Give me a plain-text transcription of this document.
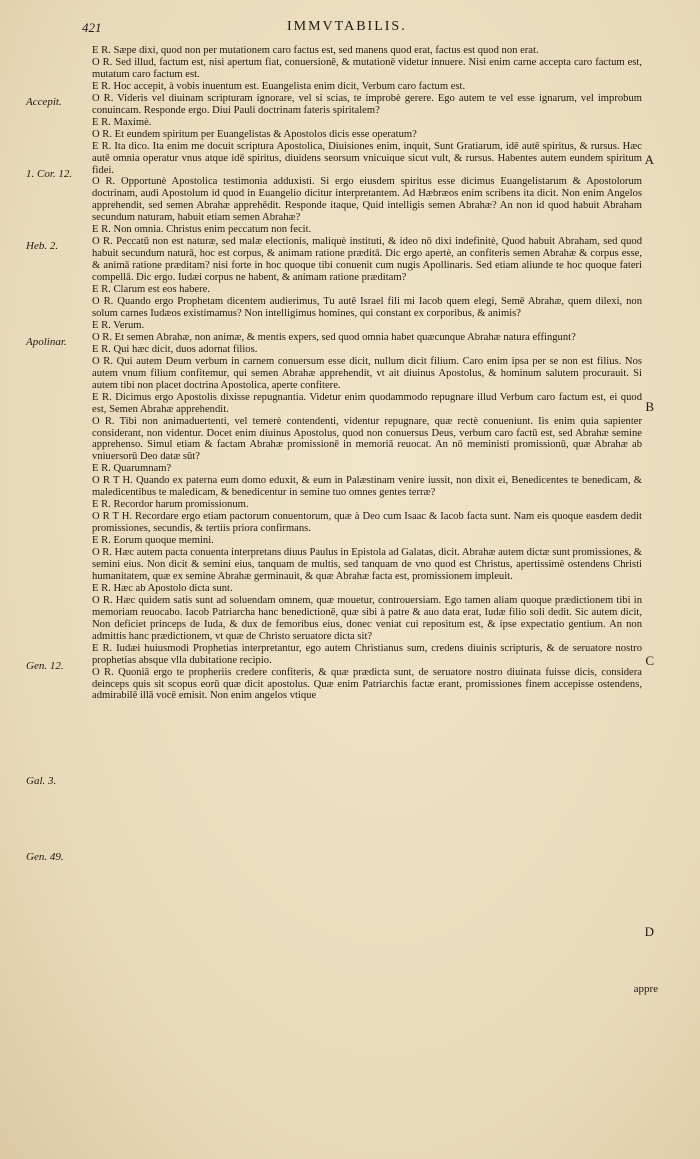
421	IMMVTABILIS.
Accepit.
1. Cor. 12.
Heb. 2.
Apolinar.
Gen. 12.
Gal. 3.
Gen. 49.
A
B
C
D

E R. Sæpe dixi, quod non per mutationem caro factus est, sed manens quod erat, factus est quod non erat.

O R. Sed illud, factum est, nisi apertum fiat, conuersionē, & mutationē videtur innuere. Nisi enim carne accepta caro factum est, mutatum caro factum est.

E R. Hoc accepit, à vobis inuentum est. Euangelista enim dicit, Verbum caro factum est.

O R. Videris vel diuinam scripturam ignorare, vel si scias, te improbè gerere. Ego autem te vel esse ignarum, vel improbum conuincam. Responde ergo. Diui Pauli doctrinam fateris spiritalem?

E R. Maximè.

O R. Et eundem spiritum per Euangelistas & Apostolos dicis esse operatum?

E R. Ita dico. Ita enim me docuit scriptura Apostolica, Diuisiones enim, inquit, Sunt Gratiarum, idē autē spiritus, & rursus. Hæc autē omnia operatur vnus atque idē spiritus, diuidens seorsum vnicuique sicut vult, & rursus. Habentes autem eundem spiritum fidei.

O R. Opportunè Apostolica testimonia adduxisti. Si ergo eiusdem spiritus esse dicimus Euangelistarum & Apostolorum doctrinam, audi Apostolum id quod in Euangelio dicitur interpretantem. Ad Hæbræos enim scribens ita dicit. Non enim Angelos apprehendit, sed semen Abrahæ apprehēdit. Responde itaque, Quid intelligis semen Abrahæ? An non id quod habuit Abraham secundum naturam, habuit etiam semen Abrahæ?

E R. Non omnia. Christus enim peccatum non fecit.

O R. Peccatū non est naturæ, sed malæ electionis, maliquè instituti, & ideo nō dixi indefinitè, Quod habuit Abraham, sed quod habuit secundum naturā, hoc est corpus, & animam ratione præditā. Dic ergo apertè, an confiteris semen Abrahæ & corpus esse, & animā ratione præditam? nisi forte in hoc quoque tibi conuenit cum nugis Apollinaris. Sed etiam aliunde te hoc quoque fateri compellā. Dic ergo. Iudæi corpus ne habent, & animam ratione præditam?

E R. Clarum est eos habere.

O R. Quando ergo Prophetam dicentem audierimus, Tu autē Israel fili mi Iacob quem elegi, Semē Abrahæ, quem dilexi, non solum carnes Iudæos existimamus? Non intelligimus homines, qui constant ex corporibus, & animis?

E R. Verum.

O R. Et semen Abrahæ, non animæ, & mentis expers, sed quod omnia habet quæcunque Abrahæ natura effingunt?

E R. Qui hæc dicit, duos adornat filios.

O R. Qui autem Deum verbum in carnem conuersum esse dicit, nullum dicit filium. Caro enim ipsa per se non est filius. Nos autem vnum filium confitemur, qui semen Abrahæ apprehendit, vt ait diuinus Apostolus, & hominum salutem procurauit. Si autem tibi non placet doctrina Apostolica, aperte confitere.

E R. Dicimus ergo Apostolis dixisse repugnantia. Videtur enim quodammodo repugnare illud Verbum caro factum est, ei quod est, Semen Abrahæ apprehendit.

O R. Tibi non animaduertenti, vel temerè contendenti, videntur repugnare, quæ rectè conueniunt. Iis enim quia sapienter considerant, non videntur. Docet enim diuinus Apostolus, quod non conuersus Deus, verbum caro factū est, sed Abrahæ semine apprehenso. Simul etiam & factam Abrahæ promissionē in memoriā reuocat. An nō meministi promissionū, quæ Abrahæ ab vniuersorū Deo datæ sūt?

E R. Quarumnam?

O R T H. Quando ex paterna eum domo eduxit, & eum in Palæstinam venire iussit, non dixit ei, Benedicentes te benedicam, & maledicentibus te maledicam, & benedicentur in semine tuo omnes gentes terræ?

E R. Recordor harum promissionum.

O R T H. Recordare ergo etiam pactorum conuentorum, quæ à Deo cum Isaac & Iacob facta sunt. Nam eis quoque easdem dedit promissiones, secundis, & tertiis priora confirmans.

E R. Eorum quoque memini.

O R. Hæc autem pacta conuenta interpretans diuus Paulus in Epistola ad Galatas, dicit. Abrahæ autem dictæ sunt promissiones, & semini eius. Non dicit & semini eius, tanquam de multis, sed tanquam de vno quod est Christus, apertissimè ostendens Christi humanitatem, quæ ex semine Abrahæ germinauit, & quæ Abrahæ facta est, promissionem impleuit.

E R. Hæc ab Apostolo dicta sunt.

O R. Hæc quidem satis sunt ad soluendam omnem, quæ mouetur, controuersiam. Ego tamen aliam quoque prædictionem tibi in memoriam reuocabo. Iacob Patriarcha hanc benedictionē, quæ sibi à patre & auo data erat, Iudæ filio soli dedit. Sic autem dicit, Non deficiet princeps de Iuda, & dux de femoribus eius, donec veniat cui repositum est, & ipse expectatio gentium. An non admittis hanc prædictionem, vt quæ de Christo seruatore dicta sit?

E R. Iudæi huiusmodi Prophetias interpretantur, ego autem Christianus sum, credens diuinis scripturis, & de seruatore nostro prophetias absque vlla dubitatione recipio.

O R. Quoniā ergo te propheriis credere confiteris, & quæ prædicta sunt, de seruatore nostro diuinata fuisse dicis, considera deinceps quis sit scopus eorū quæ dicit apostolus. Quæ enim Patriarchis factæ erant, promissiones finem accepisse ostendens, admirabilē illā vocē emisit. Non enim angelos vtique

appre
